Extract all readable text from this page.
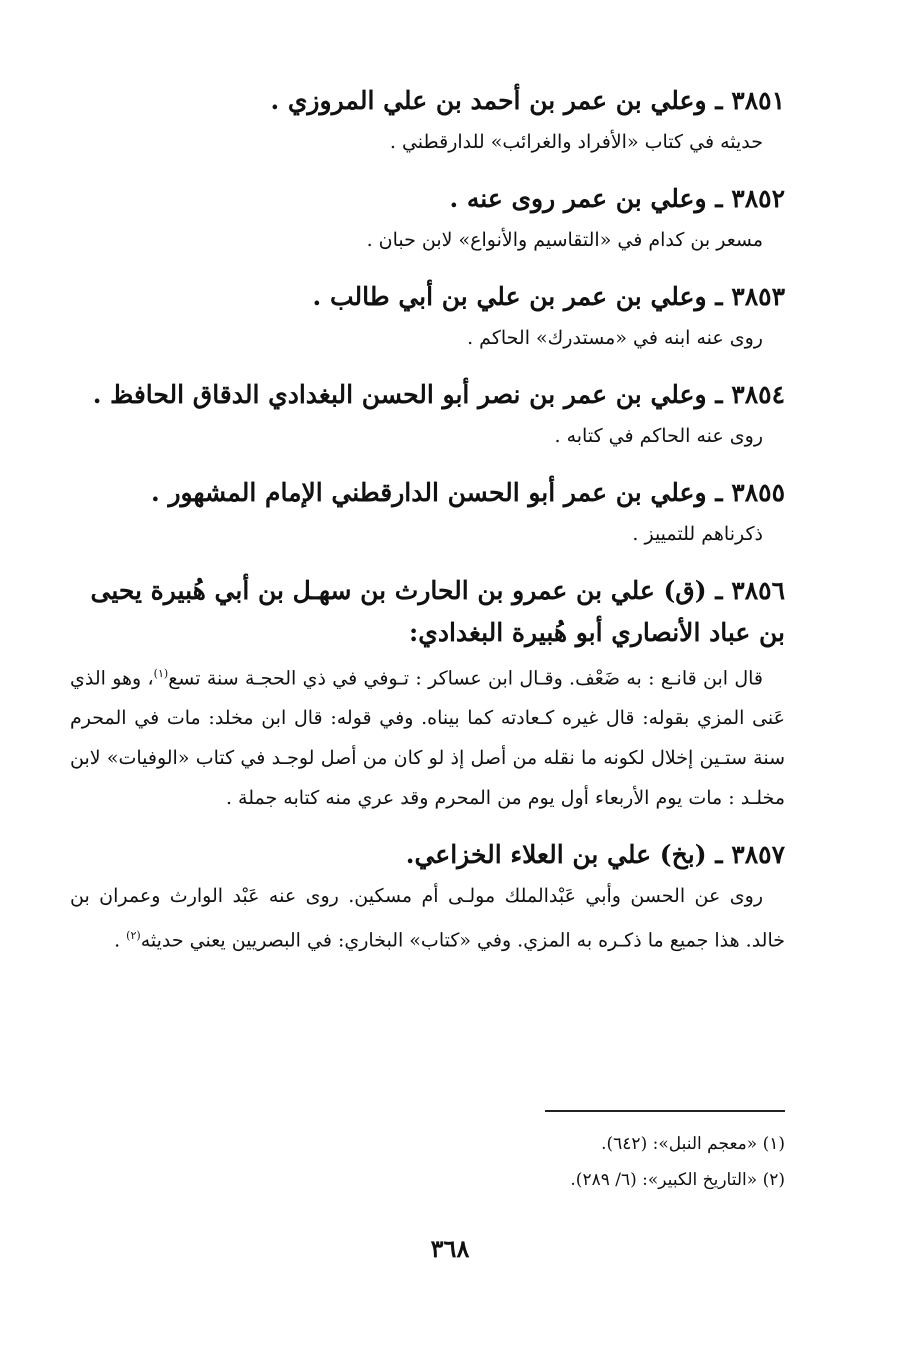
٣٨٥١ ـ وعلي بن عمر بن أحمد بن علي المروزي .

حديثه في كتاب «الأفراد والغرائب» للدارقطني .

٣٨٥٢ ـ وعلي بن عمر روى عنه .

مسعر بن كدام في «التقاسيم والأنواع» لابن حبان .

٣٨٥٣ ـ وعلي بن عمر بن علي بن أبي طالب .

روى عنه ابنه في «مستدرك» الحاكم .

٣٨٥٤ ـ وعلي بن عمر بن نصر أبو الحسن البغدادي الدقاق الحافظ .

روى عنه الحاكم في كتابه .

٣٨٥٥ ـ وعلي بن عمر أبو الحسن الدارقطني الإمام المشهور .

ذكرناهم للتمييز .

٣٨٥٦ ـ (ق) علي بن عمرو بن الحارث بن سهـل بن أبي هُبيرة يحيى بن عباد الأنصاري أبو هُبيرة البغدادي:

قال ابن قانـع : به ضَعْف. وقـال ابن عساكر : تـوفي في ذي الحجـة سنة تسع$^{(١)}$، وهو الذي عَنى المزي بقوله: قال غيره كـعادته كما بيناه. وفي قوله: قال ابن مخلد: مات في المحرم سنة ستـين إخلال لكونه ما نقله من أصل إذ لو كان من أصل لوجـد في كتاب «الوفيات» لابن مخلـد : مات يوم الأربعاء أول يوم من المحرم وقد عري منه كتابه جملة .

٣٨٥٧ ـ (بخ) علي بن العلاء الخزاعي.

روى عن الحسن وأبي عَبْدالملك مولـى أم مسكين. روى عنه عَبْد الوارث وعمران بن خالد. هذا جميع ما ذكـره به المزي. وفي «كتاب» البخاري: في البصريين يعني حديثه$^{(٢)}$ .

(١) «معجم النبل»: (٦٤٢).
(٢) «التاريخ الكبير»: (٦/ ٢٨٩).
٣٦٨
